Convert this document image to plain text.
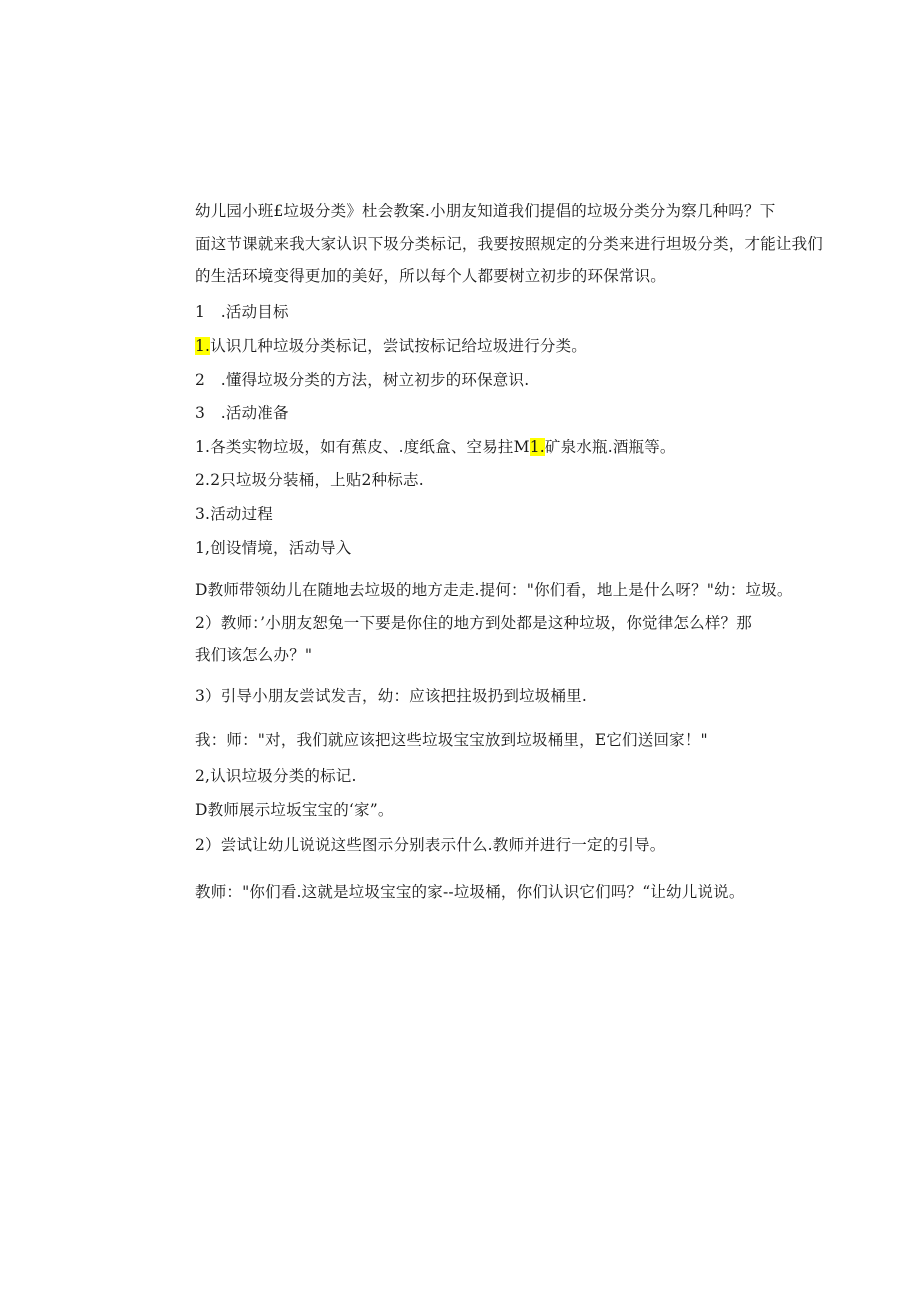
幼儿园小班£垃圾分类》杜会教案.小朋友知道我们提倡的垃圾分类分为察几种吗？下
面这节课就来我大家认识下圾分类标记，我要按照规定的分类来进行坦圾分类，才能让我们
的生活环境变得更加的美好，所以每个人都要树立初步的环保常识。
1　.活动目标
1.认识几种垃圾分类标记，尝试按标记给垃圾进行分类。
2　.懂得垃圾分类的方法，树立初步的环保意识.
3　.活动准备
1.各类实物垃圾，如有蕉皮、.度纸盒、空易拄M1.矿泉水瓶.酒瓶等。
2.2只垃圾分装桶，上贴2种标志.
3.活动过程
1,创设情境，活动导入
D教师带领幼儿在随地去垃圾的地方走走.提何："你们看，地上是什么呀？"幼：垃圾。
2）教师：’小朋友恕兔一下要是你住的地方到处都是这种垃圾，你觉律怎么样？那
我们该怎么办？"
3）引导小朋友尝试发吉，幼：应该把拄圾扔到垃圾桶里.
我：师："对，我们就应该把这些垃圾宝宝放到垃圾桶里，E它们送回家！"
2,认识垃圾分类的标记.
D教师展示垃坂宝宝的‘家”。
2）尝试让幼儿说说这些图示分别表示什么.教师并进行一定的引导。
教师："你们看.这就是垃圾宝宝的家--垃圾桶，你们认识它们吗？“让幼儿说说。
